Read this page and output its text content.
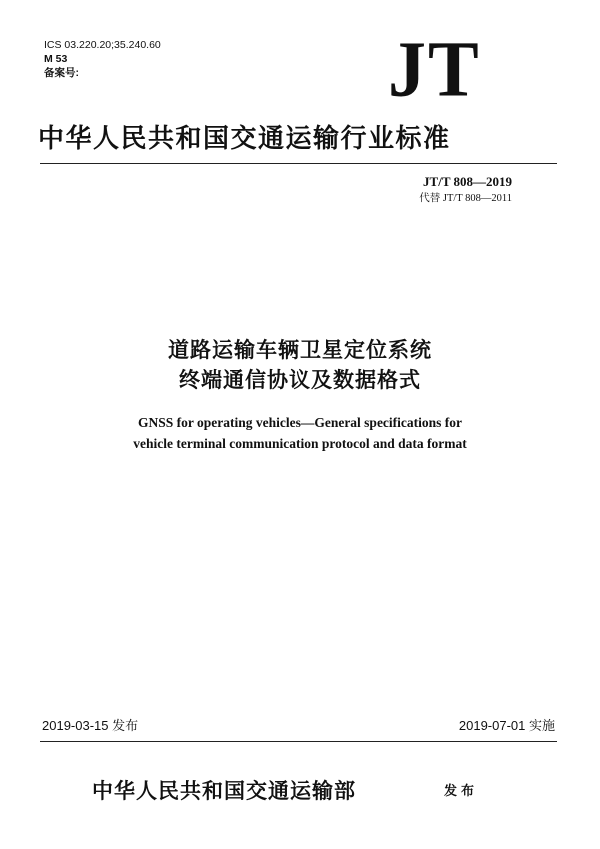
ICS 03.220.20;35.240.60
M 53
备案号:	JT
中华人民共和国交通运输行业标准
JT/T 808—2019
代替 JT/T 808—2011
道路运输车辆卫星定位系统
终端通信协议及数据格式
GNSS for operating vehicles—General specifications for
vehicle terminal communication protocol and data format
2019-03-15 发布	2019-07-01 实施
中华人民共和国交通运输部	发布
